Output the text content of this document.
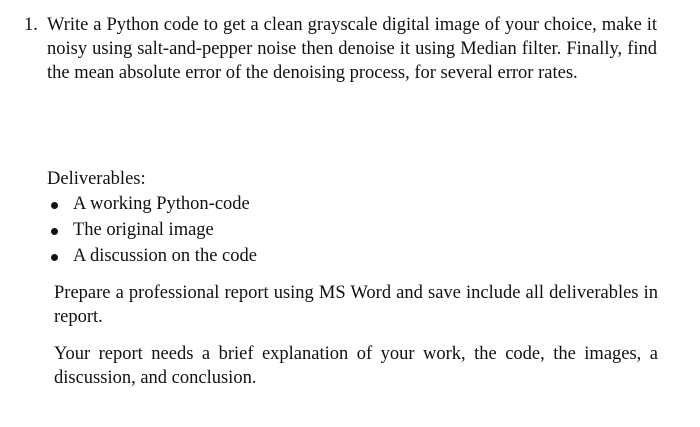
1. Write a Python code to get a clean grayscale digital image of your choice, make it noisy using salt-and-pepper noise then denoise it using Median filter. Finally, find the mean absolute error of the denoising process, for several error rates.
Deliverables:
A working Python-code
The original image
A discussion on the code
Prepare a professional report using MS Word and save include all deliverables in report.
Your report needs a brief explanation of your work, the code, the images, a discussion, and conclusion.
